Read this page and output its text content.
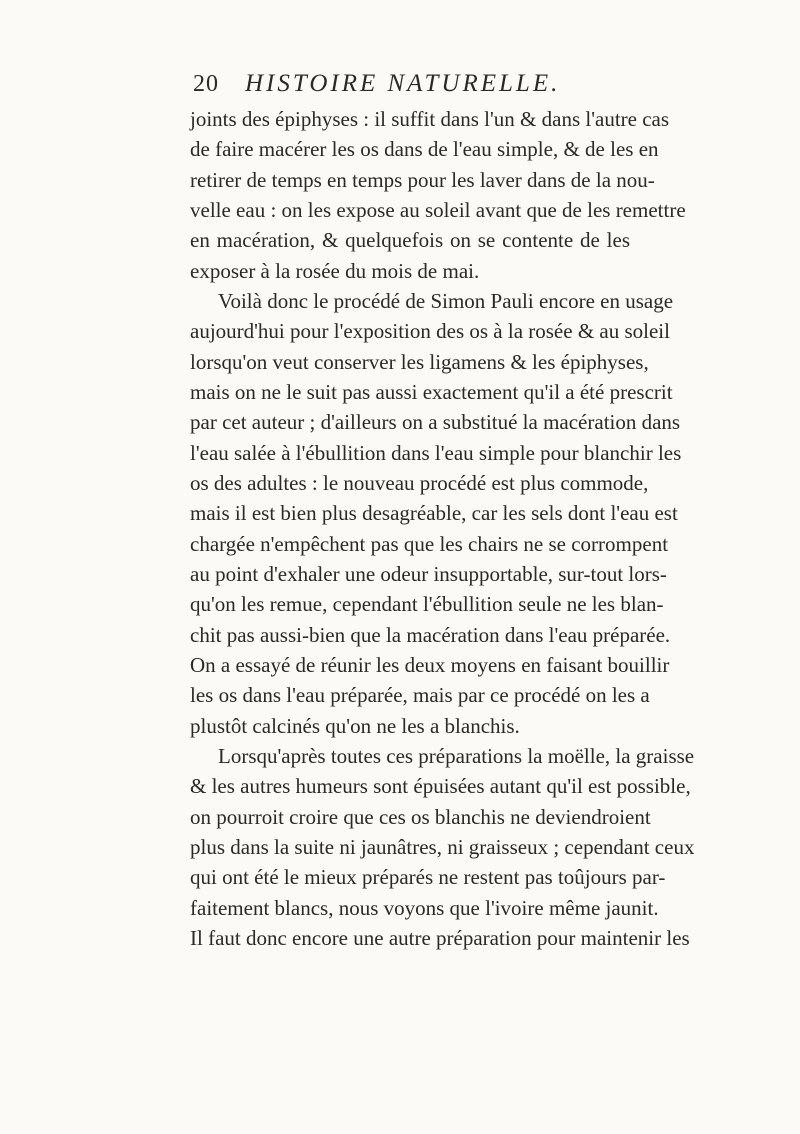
20 HISTOIRE NATURELLE.
joints des épiphyses : il suffit dans l'un & dans l'autre cas
de faire macérer les os dans de l'eau simple, & de les en
retirer de temps en temps pour les laver dans de la nou-
velle eau : on les expose au soleil avant que de les remettre
en macération, & quelquefois on se contente de les
exposer à la rosée du mois de mai.
Voilà donc le procédé de Simon Pauli encore en usage
aujourd'hui pour l'exposition des os à la rosée & au soleil
lorsqu'on veut conserver les ligamens & les épiphyses,
mais on ne le suit pas aussi exactement qu'il a été prescrit
par cet auteur ; d'ailleurs on a substitué la macération dans
l'eau salée à l'ébullition dans l'eau simple pour blanchir les
os des adultes : le nouveau procédé est plus commode,
mais il est bien plus desagréable, car les sels dont l'eau est
chargée n'empêchent pas que les chairs ne se corrompent
au point d'exhaler une odeur insupportable, sur-tout lors-
qu'on les remue, cependant l'ébullition seule ne les blan-
chit pas aussi-bien que la macération dans l'eau préparée.
On a essayé de réunir les deux moyens en faisant bouillir
les os dans l'eau préparée, mais par ce procédé on les a
plustôt calcinés qu'on ne les a blanchis.
Lorsqu'après toutes ces préparations la moëlle, la graisse
& les autres humeurs sont épuisées autant qu'il est possible,
on pourroit croire que ces os blanchis ne deviendroient
plus dans la suite ni jaunâtres, ni graisseux ; cependant ceux
qui ont été le mieux préparés ne restent pas toûjours par-
faitement blancs, nous voyons que l'ivoire même jaunit.
Il faut donc encore une autre préparation pour maintenir les
